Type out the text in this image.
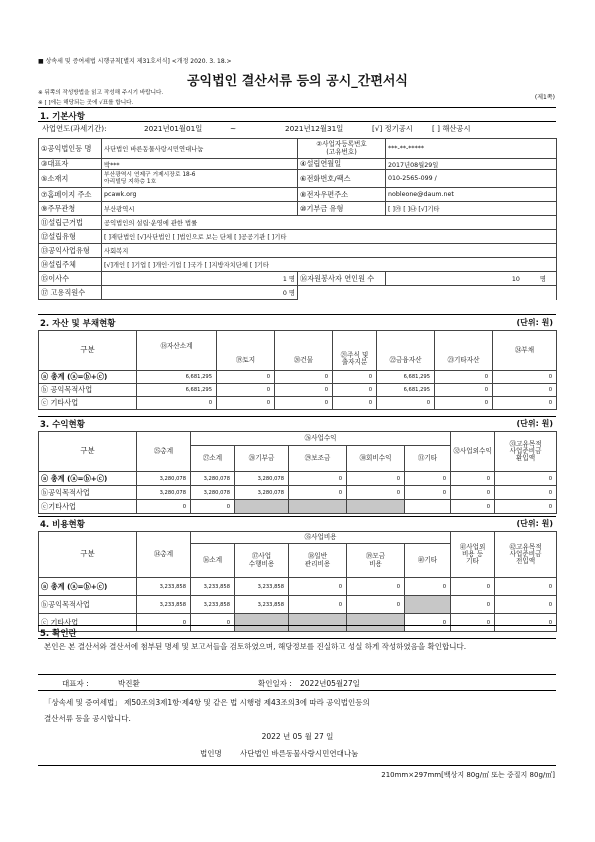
■ 상속세 및 증여세법 시행규칙[별지 제31호서식] <개정 2020. 3. 18.>
공익법인 결산서류 등의 공시_간편서식
※ 뒤쪽의 작성방법을 읽고 작성해 주시기 바랍니다.
※ [ ]에는 해당되는 곳에 √표를 합니다.
(제1쪽)
1. 기본사항
사업연도(과세기간):	2021년01월01일	~	2021년12월31일	[√] 정기공시	[ ] 해산공시
①공익법인등 명	사단법인 바른동물사랑시민연대나눔	②사업자등록번호
(고유번호)	***-**-*****
③대표자	박***	④설립연월일	2017년08월29일
⑤소재지	부산광역시 연제구 거제시장로 18-6
아리빌딩 지하층 1호	⑥전화번호/팩스	010-2565-099 /
⑦홈페이지 주소	pcawk.org	⑧전자우편주소	nobleone@daum.net
⑨주무관청	부산광역시	⑩기부금 유형	[ ]㉮ [ ]㉯ [√]기타
⑪설립근거법	공익법인의 설립·운영에 관한 법률		
⑫설립유형	[ ]재단법인 [√]사단법인 [ ]법인으로 보는 단체 [ ]공공기관 [ ]기타		
⑬공익사업유형	사회복지		
⑭설립주체	[√]개인 [ ]기업 [ ]개인·기업 [ ]국가 [ ]지방자치단체 [ ]기타		
⑮이사수	1 명	⑯자원봉사자 연인원 수	10 명
⑰ 고용직원수	0 명		
2. 자산 및 부채현황	(단위: 원)
구분	⑱자산소계	⑲토지	⑳건물	㉑주식 및
출자지분	㉒금융자산	㉓기타자산	㉔부채
ⓐ 총계 (ⓐ=ⓑ+ⓒ)	6,681,295	0	0	0	6,681,295	0	0
ⓑ 공익목적사업	6,681,295	0	0	0	6,681,295	0	0
ⓒ 기타사업	0	0	0	0	0	0	0
3. 수익현황	(단위: 원)
구분	㉕총계	㉖사업수익					㉜사업외수익	㉝고유목적
사업준비금
환입액
		㉗소계	㉘기부금	㉙보조금	㉚회비수익	㉛기타		
ⓐ 총계 (ⓐ=ⓑ+ⓒ)	3,280,078	3,280,078	3,280,078	0	0	0	0	0
ⓑ공익목적사업	3,280,078	3,280,078	3,280,078	0	0	0	0	0
ⓒ기타사업	0	0					0	0
4. 비용현황	(단위: 원)
구분	㉞총계	㉟사업비용					㊶사업외
비용 등
기타	㊷고유목적
사업준비금
전입액
		㊱소계	㊲사업
수행비용	㊳일반
관리비용	㊴모금
비용	㊵기타		
ⓐ 총계 (ⓐ=ⓑ+ⓒ)	3,233,858	3,233,858	3,233,858	0	0	0	0	0
ⓑ공익목적사업	3,233,858	3,233,858	3,233,858	0	0		0	0
ⓒ 기타사업	0	0				0	0	0
5. 확인란
본인은 본 결산서와 결산서에 첨부된 명세 및 보고서들을 검토하였으며, 해당정보를 진실하고 성실 하게 작성하였음을 확인합니다.
대표자 :	박진환	확인일자 : 2022년05월27일
「상속세 및 증여세법」 제50조의3제1항·제4항 및 같은 법 시행령 제43조의3에 따라 공익법인등의
결산서류 등을 공시합니다.
2022 년 05 월 27 일
법인명 사단법인 바른동물사랑시민연대나눔
210mm×297mm[백상지 80g/㎡ 또는 중질지 80g/㎡]
